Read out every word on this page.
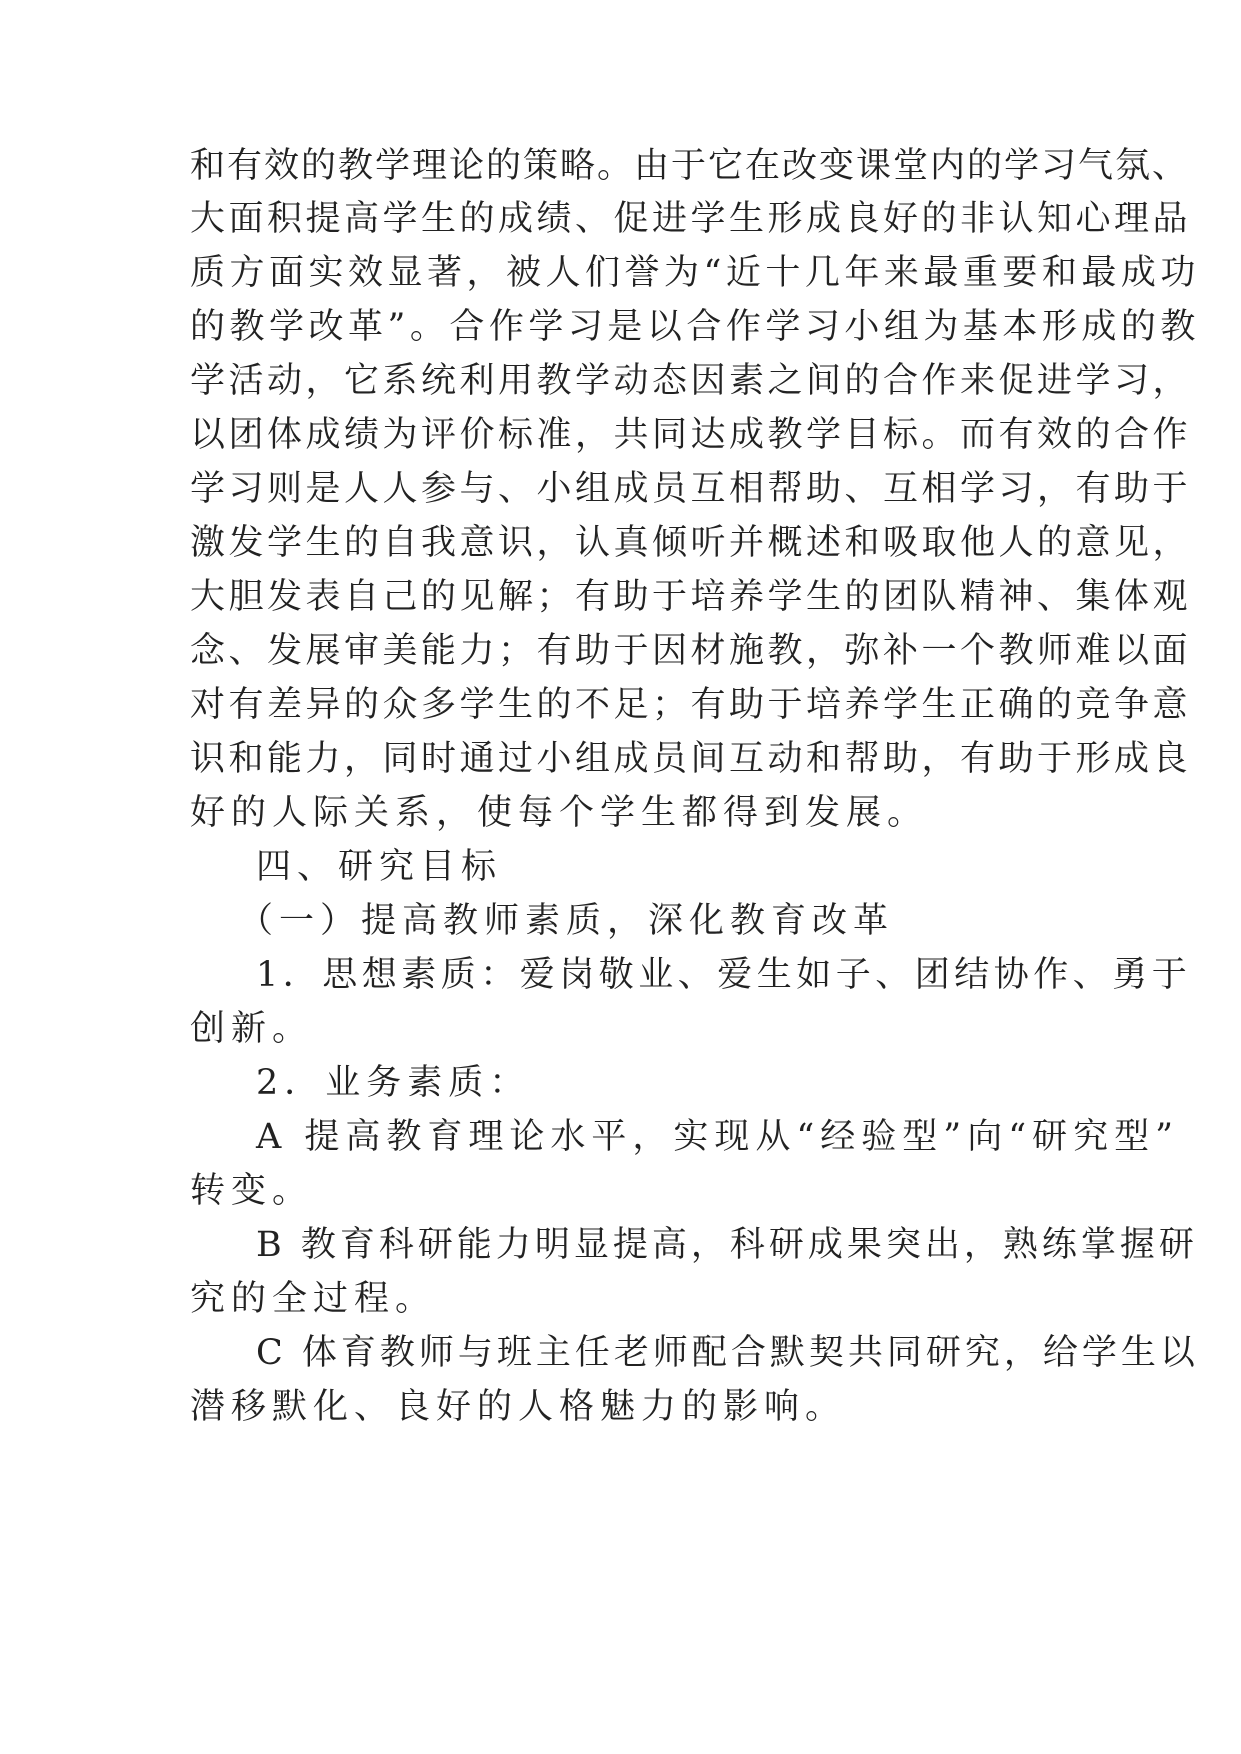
和有效的教学理论的策略。由于它在改变课堂内的学习气氛、
大面积提高学生的成绩、促进学生形成良好的非认知心理品
质方面实效显著，被人们誉为“近十几年来最重要和最成功
的教学改革”。合作学习是以合作学习小组为基本形成的教
学活动，它系统利用教学动态因素之间的合作来促进学习，
以团体成绩为评价标准，共同达成教学目标。而有效的合作
学习则是人人参与、小组成员互相帮助、互相学习，有助于
激发学生的自我意识，认真倾听并概述和吸取他人的意见，
大胆发表自己的见解；有助于培养学生的团队精神、集体观
念、发展审美能力；有助于因材施教，弥补一个教师难以面
对有差异的众多学生的不足；有助于培养学生正确的竞争意
识和能力，同时通过小组成员间互动和帮助，有助于形成良
好的人际关系，使每个学生都得到发展。
四、研究目标
（一）提高教师素质，深化教育改革
1．思想素质：爱岗敬业、爱生如子、团结协作、勇于
创新。
2．业务素质：
A 提高教育理论水平，实现从“经验型”向“研究型”
转变。
B 教育科研能力明显提高，科研成果突出，熟练掌握研
究的全过程。
C 体育教师与班主任老师配合默契共同研究，给学生以
潜移默化、良好的人格魅力的影响。
